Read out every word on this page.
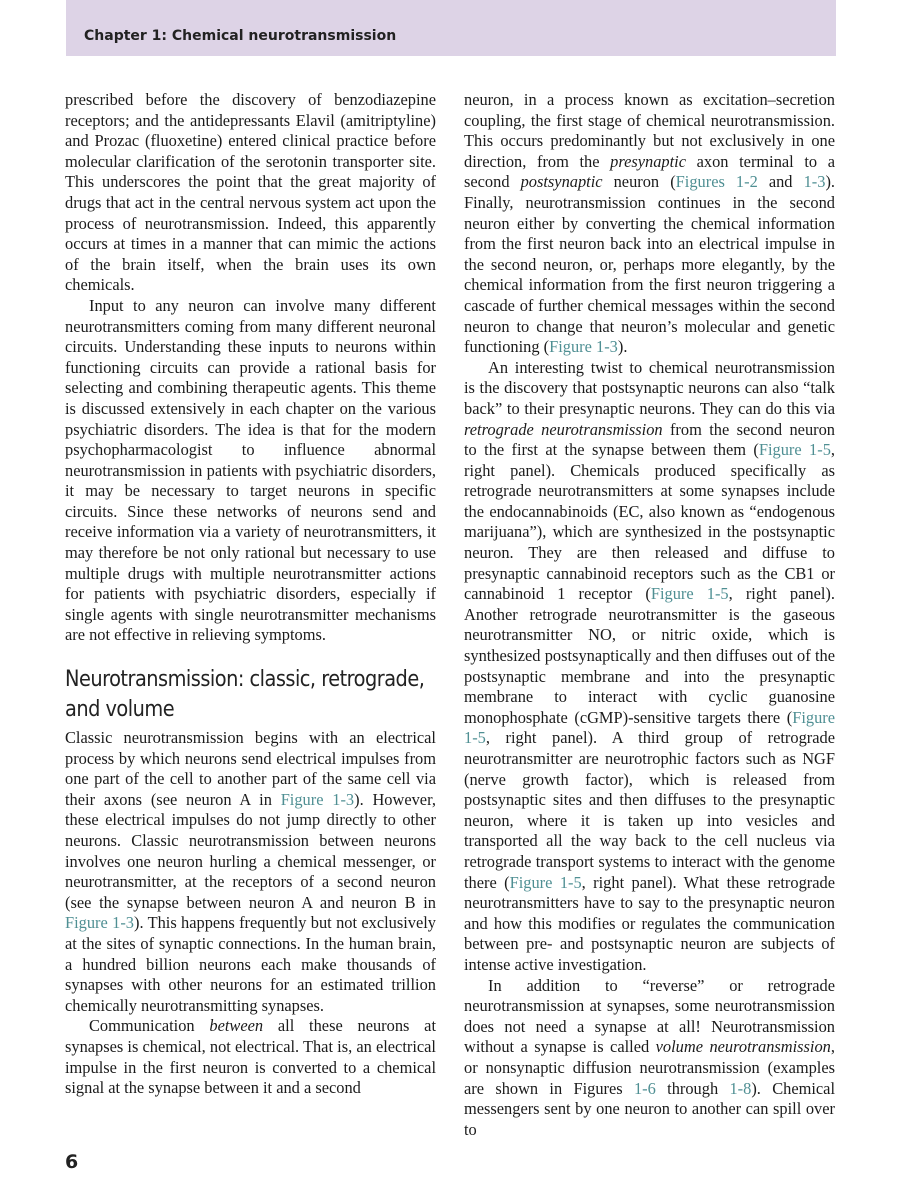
Chapter 1: Chemical neurotransmission

prescribed before the discovery of benzodiazepine receptors; and the antidepressants Elavil (amitriptyline) and Prozac (fluoxetine) entered clinical practice before molecular clarification of the serotonin transporter site. This underscores the point that the great majority of drugs that act in the central nervous system act upon the process of neurotransmission. Indeed, this apparently occurs at times in a manner that can mimic the actions of the brain itself, when the brain uses its own chemicals.

Input to any neuron can involve many different neurotransmitters coming from many different neuronal circuits. Understanding these inputs to neurons within functioning circuits can provide a rational basis for selecting and combining therapeutic agents. This theme is discussed extensively in each chapter on the various psychiatric disorders. The idea is that for the modern psychopharmacologist to influence abnormal neurotransmission in patients with psychiatric disorders, it may be necessary to target neurons in specific circuits. Since these networks of neurons send and receive information via a variety of neurotransmitters, it may therefore be not only rational but necessary to use multiple drugs with multiple neurotransmitter actions for patients with psychiatric disorders, especially if single agents with single neurotransmitter mechanisms are not effective in relieving symptoms.

Neurotransmission: classic, retrograde, and volume

Classic neurotransmission begins with an electrical process by which neurons send electrical impulses from one part of the cell to another part of the same cell via their axons (see neuron A in Figure 1-3). However, these electrical impulses do not jump directly to other neurons. Classic neurotransmission between neurons involves one neuron hurling a chemical messenger, or neurotransmitter, at the receptors of a second neuron (see the synapse between neuron A and neuron B in Figure 1-3). This happens frequently but not exclusively at the sites of synaptic connections. In the human brain, a hundred billion neurons each make thousands of synapses with other neurons for an estimated trillion chemically neurotransmitting synapses.

Communication between all these neurons at synapses is chemical, not electrical. That is, an electrical impulse in the first neuron is converted to a chemical signal at the synapse between it and a second

neuron, in a process known as excitation–secretion coupling, the first stage of chemical neurotransmission. This occurs predominantly but not exclusively in one direction, from the presynaptic axon terminal to a second postsynaptic neuron (Figures 1-2 and 1-3). Finally, neurotransmission continues in the second neuron either by converting the chemical information from the first neuron back into an electrical impulse in the second neuron, or, perhaps more elegantly, by the chemical information from the first neuron triggering a cascade of further chemical messages within the second neuron to change that neuron’s molecular and genetic functioning (Figure 1-3).

An interesting twist to chemical neurotransmission is the discovery that postsynaptic neurons can also “talk back” to their presynaptic neurons. They can do this via retrograde neurotransmission from the second neuron to the first at the synapse between them (Figure 1-5, right panel). Chemicals produced specifically as retrograde neurotransmitters at some synapses include the endocannabinoids (EC, also known as “endogenous marijuana”), which are synthesized in the postsynaptic neuron. They are then released and diffuse to presynaptic cannabinoid receptors such as the CB1 or cannabinoid 1 receptor (Figure 1-5, right panel). Another retrograde neurotransmitter is the gaseous neurotransmitter NO, or nitric oxide, which is synthesized postsynaptically and then diffuses out of the postsynaptic membrane and into the presynaptic membrane to interact with cyclic guanosine monophosphate (cGMP)-sensitive targets there (Figure 1-5, right panel). A third group of retrograde neurotransmitter are neurotrophic factors such as NGF (nerve growth factor), which is released from postsynaptic sites and then diffuses to the presynaptic neuron, where it is taken up into vesicles and transported all the way back to the cell nucleus via retrograde transport systems to interact with the genome there (Figure 1-5, right panel). What these retrograde neurotransmitters have to say to the presynaptic neuron and how this modifies or regulates the communication between pre- and postsynaptic neuron are subjects of intense active investigation.

In addition to “reverse” or retrograde neurotransmission at synapses, some neurotransmission does not need a synapse at all! Neurotransmission without a synapse is called volume neurotransmission, or nonsynaptic diffusion neurotransmission (examples are shown in Figures 1-6 through 1-8). Chemical messengers sent by one neuron to another can spill over to

6
